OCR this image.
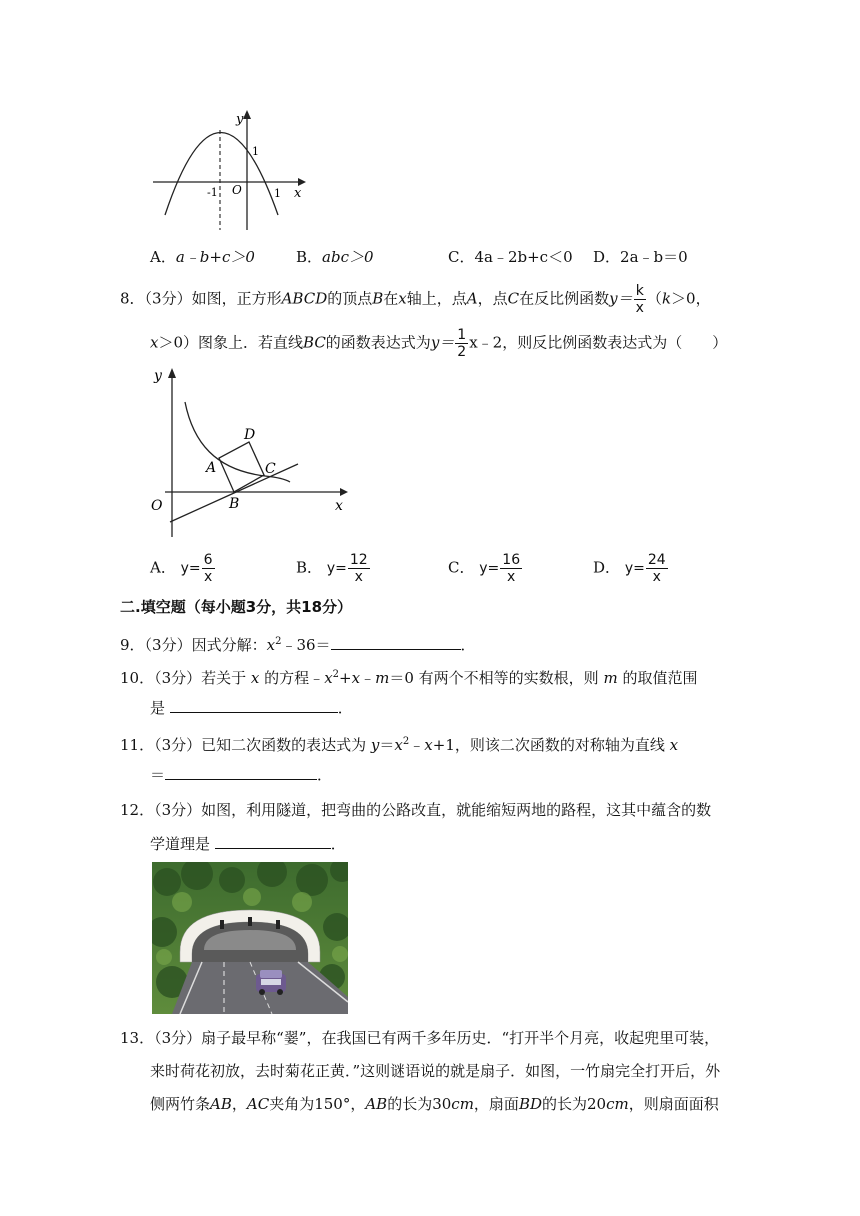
y
x
O
-1
1
1
A．a﹣b+c＞0	B．abc＞0	C．4a﹣2b+c＜0 D．2a﹣b＝0
8．（3分）如图，正方形ABCD的顶点B在x轴上，点A，点C在反比例函数$y= \frac{k}{x} (k>0$，
x＞0）图象上．若直线BC的函数表达式为$y= \frac{1}{2}$ x﹣2，则反比例函数表达式为（　　）
y
x
O
A
B
C
D
A． $y= \frac{6}{x}$	B． $y= \frac{12}{x}$	C． $y= \frac{16}{x}$	D． $y= \frac{24}{x}$
二.填空题（每小题3分，共18分）
9．（3分）因式分解：$x^2﹣36=$	．
10．（3分）若关于 x 的方程$﹣x^2+x﹣m=0$ 有两个不相等的实数根，则 m 的取值范围
是	．
11．（3分）已知二次函数的表达式为 $y=x^2﹣x+1$，则该二次函数的对称轴为直线 x
＝	．
12．（3分）如图，利用隧道，把弯曲的公路改直，就能缩短两地的路程，这其中蕴含的数
学道理是	．
13．（3分）扇子最早称“翣”，在我国已有两千多年历史．“打开半个月亮，收起兜里可装，
来时荷花初放，去时菊花正黄．”这则谜语说的就是扇子．如图，一竹扇完全打开后，外
侧两竹条AB，AC夹角为150°，AB的长为30cm，扇面BD的长为20cm，则扇面面积
